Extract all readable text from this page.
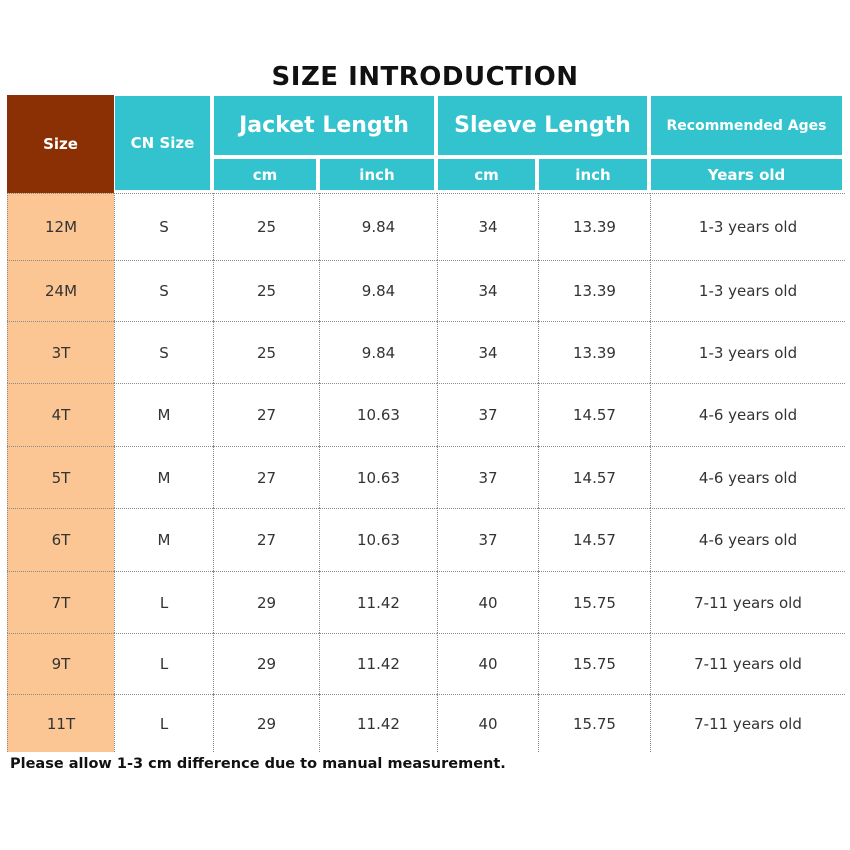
SIZE INTRODUCTION
Size	CN Size
Jacket Length	Sleeve Length	Recommended Ages
cm	inch	cm	inch	Years old
12M	S	25	9.84	34	13.39	1-3 years old
24M	S	25	9.84	34	13.39	1-3 years old
3T	S	25	9.84	34	13.39	1-3 years old
4T	M	27	10.63	37	14.57	4-6 years old
5T	M	27	10.63	37	14.57	4-6 years old
6T	M	27	10.63	37	14.57	4-6 years old
7T	L	29	11.42	40	15.75	7-11 years old
9T	L	29	11.42	40	15.75	7-11 years old
11T	L	29	11.42	40	15.75	7-11 years old
Please allow 1-3 cm difference due to manual measurement.
